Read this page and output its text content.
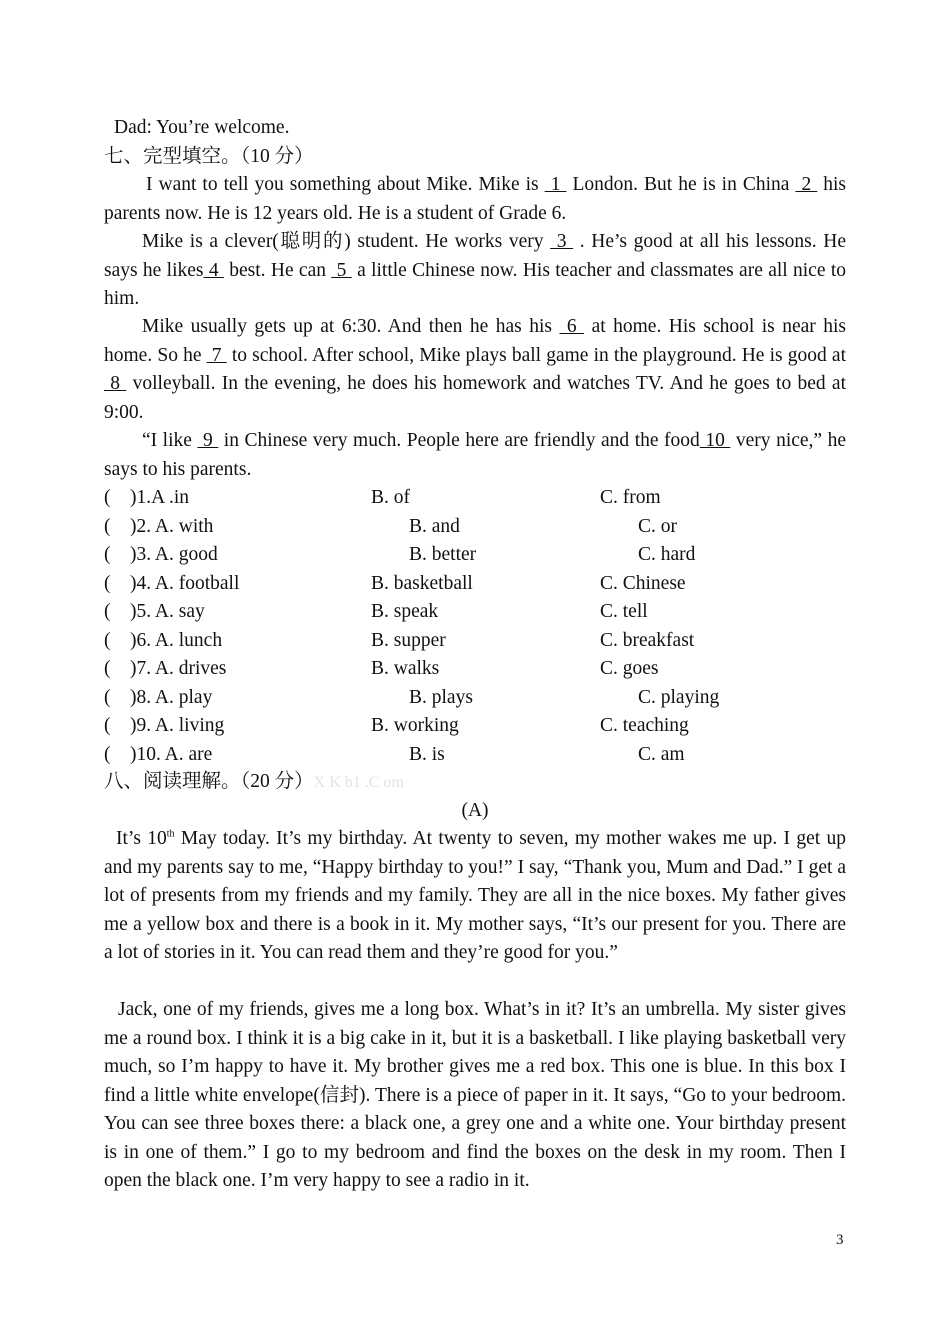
Dad: You’re welcome.
七、完型填空。（10 分）
I want to tell you something about Mike. Mike is  1  London. But he is in China  2  his parents now. He is 12 years old. He is a student of Grade 6.
Mike is a clever(聪明的) student. He works very  3  . He’s good at all his lessons. He says he likes 4  best. He can  5  a little Chinese now. His teacher and classmates are all nice to him.
Mike usually gets up at 6:30. And then he has his  6  at home. His school is near his home. So he  7  to school. After school, Mike plays ball game in the playground. He is good at  8  volleyball. In the evening, he does his homework and watches TV. And he goes to bed at 9:00.
“I like  9  in Chinese very much. People here are friendly and the food 10  very nice,” he says to his parents.
(    )1.A .in	B. of	C. from
(    )2. A. with	B. and	C. or
(    )3. A. good	B. better	C. hard
(    )4. A. football	B. basketball	C. Chinese
(    )5. A. say	B. speak	C. tell
(    )6. A. lunch	B. supper	C. breakfast
(    )7. A. drives	B. walks	C. goes
(    )8. A. play	B. plays	C. playing
(    )9. A. living	B. working	C. teaching
(    )10. A. are	B. is	C. am
八、阅读理解。（20 分）X K b1 .C om
(A)
It’s 10th May today. It’s my birthday. At twenty to seven, my mother wakes me up. I get up and my parents say to me, “Happy birthday to you!” I say, “Thank you, Mum and Dad.” I get a lot of presents from my friends and my family. They are all in the nice boxes. My father gives me a yellow box and there is a book in it. My mother says, “It’s our present for you. There are a lot of stories in it. You can read them and they’re good for you.”
Jack, one of my friends, gives me a long box. What’s in it? It’s an umbrella. My sister gives me a round box. I think it is a big cake in it, but it is a basketball. I like playing basketball very much, so I’m happy to have it. My brother gives me a red box. This one is blue. In this box I find a little white envelope(信封). There is a piece of paper in it. It says, “Go to your bedroom. You can see three boxes there: a black one, a grey one and a white one. Your birthday present is in one of them.” I go to my bedroom and find the boxes on the desk in my room. Then I open the black one. I’m very happy to see a radio in it.
3
